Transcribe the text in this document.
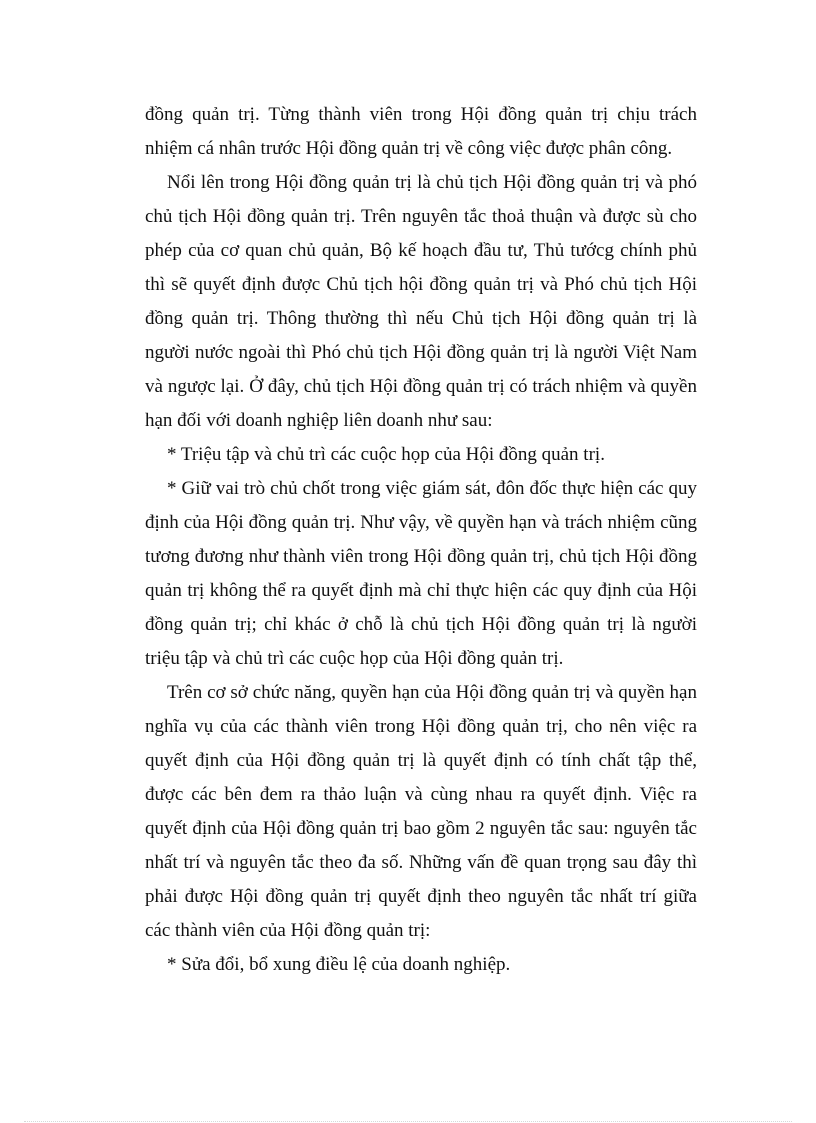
đồng quản trị. Từng thành viên trong Hội đồng quản trị chịu trách nhiệm cá nhân trước Hội đồng quản trị về công việc được phân công.

Nổi lên trong Hội đồng quản trị là chủ tịch Hội đồng quản trị và phó chủ tịch Hội đồng quản trị. Trên nguyên tắc thoả thuận và được sù cho phép của cơ quan chủ quản, Bộ kế hoạch đầu tư, Thủ tướcg chính phủ thì sẽ quyết định được Chủ tịch hội đồng quản trị và Phó chủ tịch Hội đồng quản trị. Thông thường thì nếu Chủ tịch Hội đồng quản trị là người nước ngoài thì Phó chủ tịch Hội đồng quản trị là người Việt Nam và ngược lại. Ở đây, chủ tịch Hội đồng quản trị có trách nhiệm và quyền hạn đối với doanh nghiệp liên doanh như sau:

* Triệu tập và chủ trì các cuộc họp của Hội đồng quản trị.

* Giữ vai trò chủ chốt trong việc giám sát, đôn đốc thực hiện các quy định của Hội đồng quản trị. Như vậy, về quyền hạn và trách nhiệm cũng tương đương như thành viên trong Hội đồng quản trị, chủ tịch Hội đồng quản trị không thể ra quyết định mà chỉ thực hiện các quy định của Hội đồng quản trị; chỉ khác ở chỗ là chủ tịch Hội đồng quản trị là người triệu tập và chủ trì các cuộc họp của Hội đồng quản trị.

Trên cơ sở chức năng, quyền hạn của Hội đồng quản trị và quyền hạn nghĩa vụ của các thành viên trong Hội đồng quản trị, cho nên việc ra quyết định của Hội đồng quản trị là quyết định có tính chất tập thể, được các bên đem ra thảo luận và cùng nhau ra quyết định. Việc ra quyết định của Hội đồng quản trị bao gồm 2 nguyên tắc sau: nguyên tắc nhất trí và nguyên tắc theo đa số. Những vấn đề quan trọng sau đây thì phải được Hội đồng quản trị quyết định theo nguyên tắc nhất trí giữa các thành viên của Hội đồng quản trị:

* Sửa đổi, bổ xung điều lệ của doanh nghiệp.
